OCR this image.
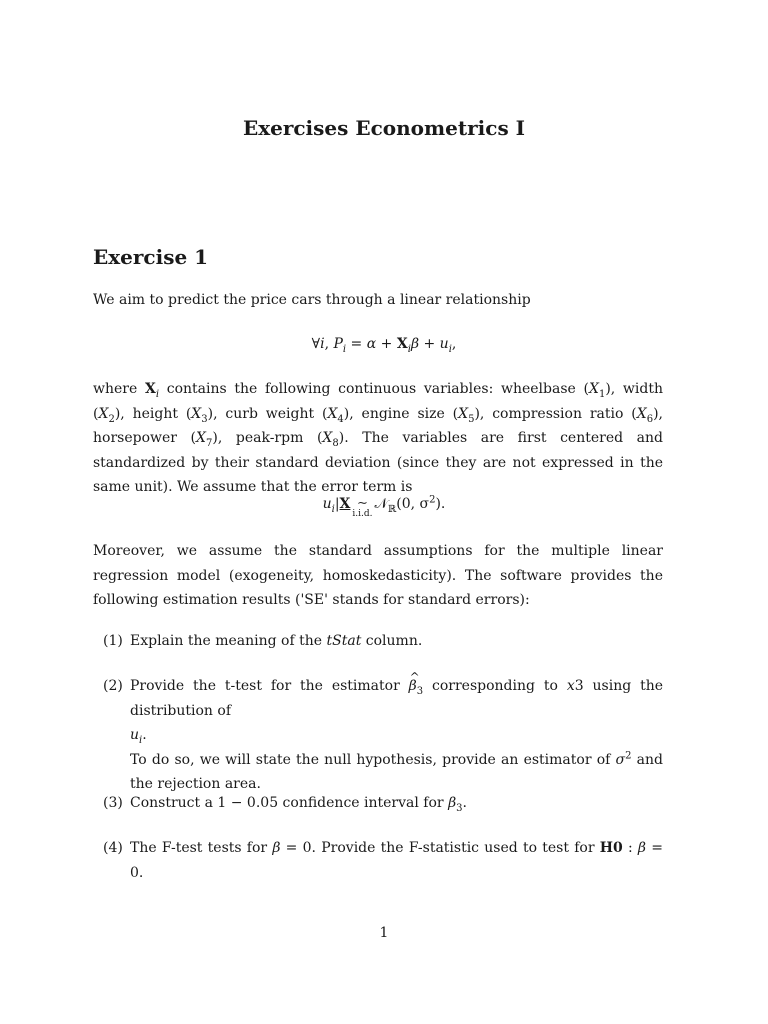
Exercises Econometrics I
Exercise 1
We aim to predict the price cars through a linear relationship
∀i, $P_i = \alpha + X_i\beta + u_i$,
where $X_i$ contains the following continuous variables: wheelbase $(X_1)$, width $(X_2)$, height $(X_3)$, curb weight $(X_4)$, engine size $(X_5)$, compression ratio $(X_6)$, horsepower $(X_7)$, peak-rpm $(X_8)$. The variables are first centered and standardized by their standard deviation (since they are not expressed in the same unit). We assume that the error term is
$u_i|X$ ∼
i.i.d.
𝒩$_ℝ$(0, $\sigma^2$).
Moreover, we assume the standard assumptions for the multiple linear regression model (exogeneity, homoskedasticity). The software provides the following estimation results ('SE' stands for standard errors):
(1) Explain the meaning of the tStat column.
(2) Provide the t-test for the estimator ^ $\beta_3$ corresponding to x3 using the distribution of
$u_i$.
To do so, we will state the null hypothesis, provide an estimator of $\sigma^2$ and the rejection area.
(3) Construct a 1 − 0.05 confidence interval for $\beta_3$.
(4) The F-test tests for β = 0. Provide the F-statistic used to test for H0 : β = 0.
1
